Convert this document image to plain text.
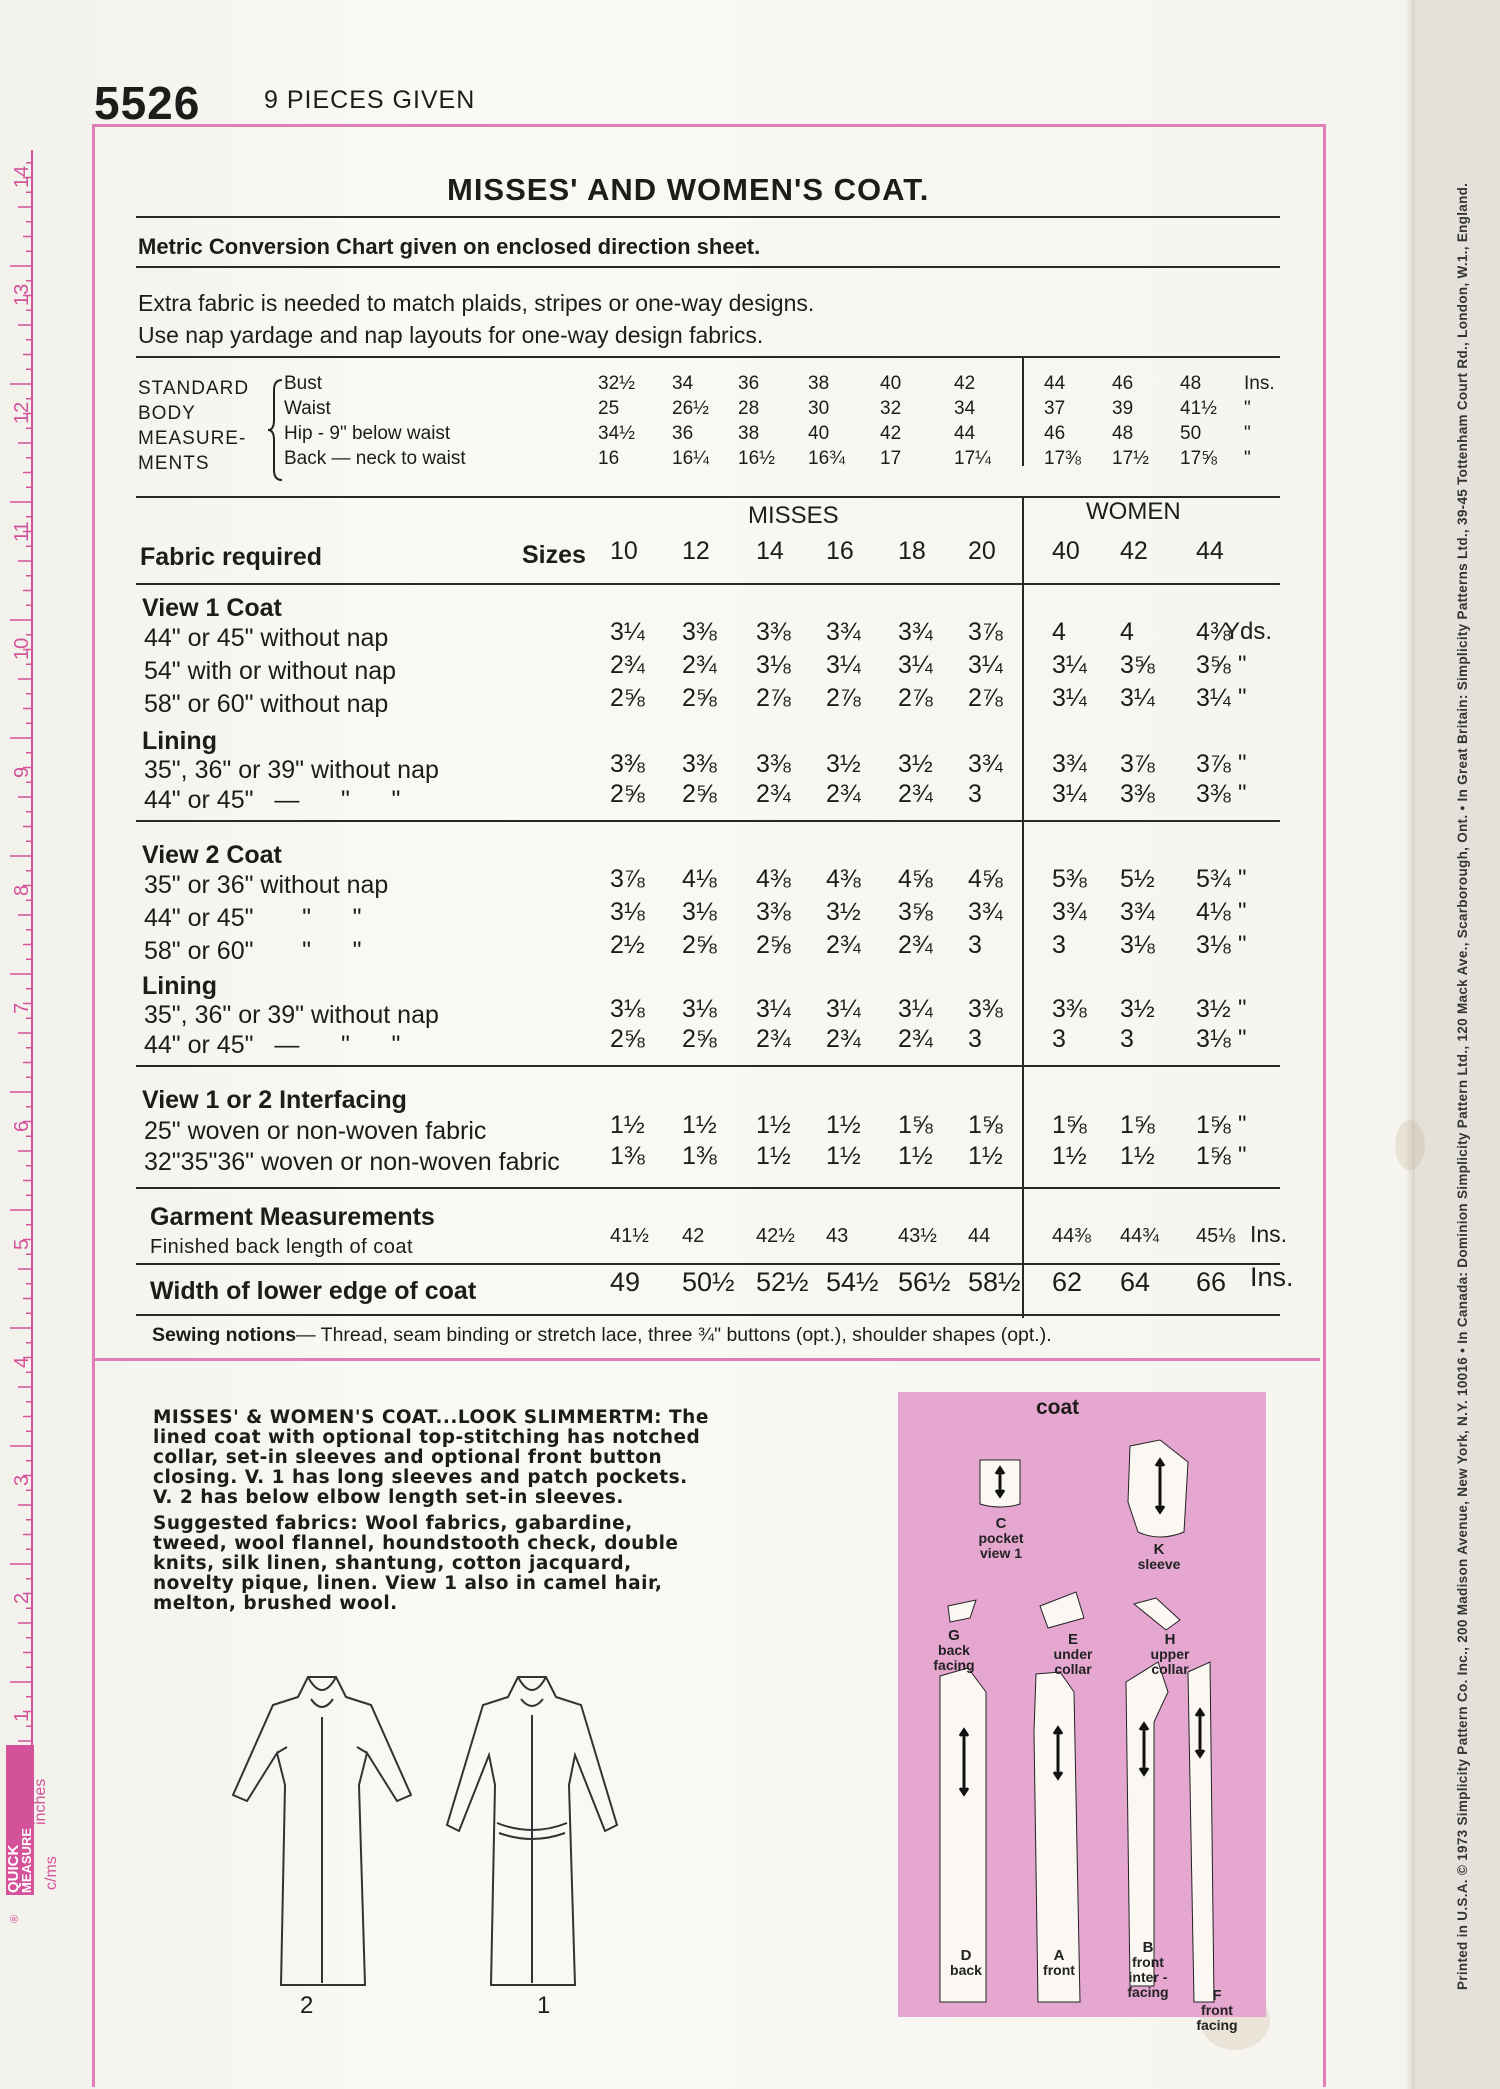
1
2
3
4
5
6
7
8
9
10
11
12
13
14
QUICK
MEASURE
®
inches
c/ms
5526	9 PIECES GIVEN
MISSES' AND WOMEN'S COAT.
Metric Conversion Chart given on enclosed direction sheet.
Extra fabric is needed to match plaids, stripes or one-way designs.
Use nap yardage and nap layouts for one-way design fabrics.
STANDARD
BODY
MEASURE-
MENTS
Bust	32½ 34 36	38	40	42	44 46 48 Ins.
Waist	25	26½ 28	30	32	34	37 39 41½ "
Hip - 9" below waist	34½ 36 38	40	42	44	46 48 50 "
Back — neck to waist	16	16¼ 16½ 16¾ 17	17¼	17⅜ 17½ 17⅝ "
MISSES	WOMEN
Fabric required	Sizes 10 12 14 16 18 20 40 42 44
View 1 Coat
44" or 45" without nap	3¼ 3⅜ 3⅜ 3¾ 3¾ 3⅞ 4 4 4⅜
Yds.
54" with or without nap	2¾ 2¾ 3⅛ 3¼ 3¼ 3¼ 3¼ 3⅝ 3⅝ "
58" or 60" without nap	2⅝ 2⅝ 2⅞ 2⅞ 2⅞ 2⅞ 3¼ 3¼ 3¼ "
Lining
35", 36" or 39" without nap	3⅜ 3⅜ 3⅜ 3½ 3½ 3¾ 3¾ 3⅞ 3⅞ "
44" or 45"   —      "      "	2⅝ 2⅝ 2¾ 2¾ 2¾ 3	3¼ 3⅜ 3⅜ "
View 2 Coat
35" or 36" without nap	3⅞ 4⅛ 4⅜ 4⅜ 4⅝ 4⅝ 5⅜ 5½ 5¾ "
44" or 45"       "      "	3⅛ 3⅛ 3⅜ 3½ 3⅝ 3¾ 3¾ 3¾ 4⅛ "
58" or 60"       "      "	2½ 2⅝ 2⅝ 2¾ 2¾ 3	3 3⅛ 3⅛ "
Lining
35", 36" or 39" without nap	3⅛ 3⅛ 3¼ 3¼ 3¼ 3⅜ 3⅜ 3½ 3½ "
44" or 45"   —      "      "	2⅝ 2⅝ 2¾ 2¾ 2¾ 3	3 3 3⅛ "
View 1 or 2 Interfacing
25" woven or non-woven fabric	1½ 1½ 1½ 1½ 1⅝ 1⅝ 1⅝ 1⅝ 1⅝ "
32"35"36" woven or non-woven fabric 1⅜ 1⅜ 1½ 1½ 1½ 1½ 1½ 1½ 1⅝ "
Garment Measurements
Finished back length of coat	41½ 42	42½ 43 43½ 44	44⅜ 44¾ 45⅛ Ins.
Width of lower edge of coat	49 50½ 52½ 54½ 56½ 58½ 62 64 66 Ins.
Sewing notions— Thread, seam binding or stretch lace, three ¾" buttons (opt.), shoulder shapes (opt.).

MISSES' & WOMEN'S COAT...LOOK SLIMMERTM: The lined coat with optional top-stitching has notched collar, set-in sleeves and optional front button closing. V. 1 has long sleeves and patch pockets. V. 2 has below elbow length set-in sleeves.

Suggested fabrics: Wool fabrics, gabardine, tweed, wool flannel, houndstooth check, double knits, silk linen, shantung, cotton jacquard, novelty pique, linen. View 1 also in camel hair, melton, brushed wool.

2	1
coat
C
pocket view 1	K
sleeve
G
back facing
E
under collar
H
upper collar
D
back
A
front
B
front inter - facing	F
front facing
Printed in U.S.A. © 1973 Simplicity Pattern Co. Inc., 200 Madison Avenue, New York, N.Y. 10016 • In Canada: Dominion Simplicity Pattern Ltd., 120 Mack Ave., Scarborough, Ont. • In Great Britain: Simplicity Patterns Ltd., 39-45 Tottenham Court Rd., London, W.1., England.
